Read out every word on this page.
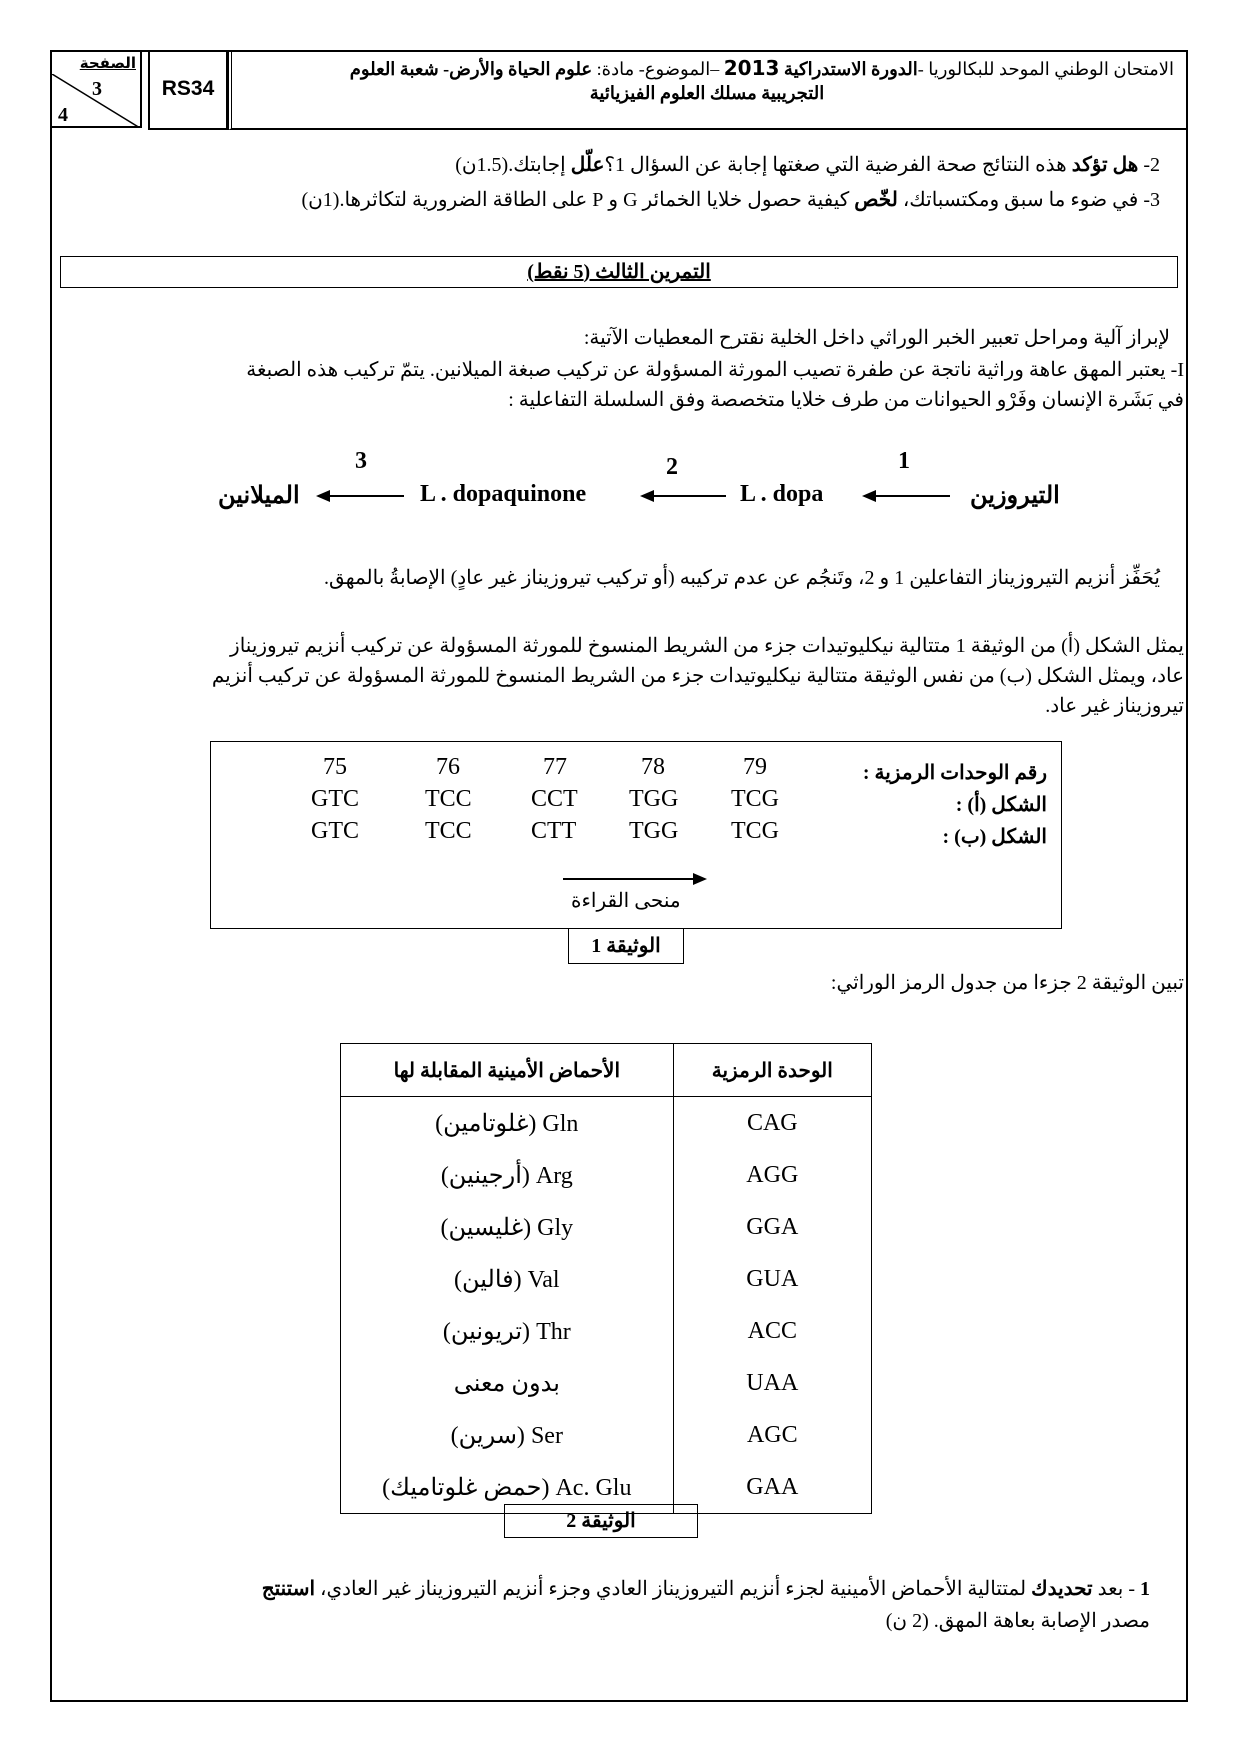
الصفحة
3
4
RS34
الامتحان الوطني الموحد للبكالوريا -الدورة الاستدراكية 2013 –الموضوع- مادة: علوم الحياة والأرض- شعبة العلوم
التجريبية مسلك العلوم الفيزيائية
2- هل تؤكد هذه النتائج صحة الفرضية التي صغتها إجابة عن السؤال 1؟علّل إجابتك.(1.5ن)
3- في ضوء ما سبق ومكتسباتك، لخّص كيفية حصول خلايا الخمائر G و P على الطاقة الضرورية لتكاثرها.(1ن)
التمرين الثالث (5 نقط)
لإبراز آلية ومراحل تعبير الخبر الوراثي داخل الخلية نقترح المعطيات الآتية:
I- يعتبر المهق عاهة وراثية ناتجة عن طفرة تصيب المورثة المسؤولة عن تركيب صبغة الميلانين. يتمّ تركيب هذه الصبغة
في بَشَرة الإنسان وفَرْو الحيوانات من طرف خلايا متخصصة وفق السلسلة التفاعلية :
1
2
3
التيروزين
L . dopa
L . dopaquinone
الميلانين
يُحَفِّز أنزيم التيروزيناز التفاعلين 1 و 2، وتَنجُم عن عدم تركيبه (أو تركيب تيروزيناز غير عادٍ) الإصابةُ بالمهق.
يمثل الشكل (أ) من الوثيقة 1 متتالية نيكليوتيدات جزء من الشريط المنسوخ للمورثة المسؤولة عن تركيب أنزيم تيروزيناز
عاد، ويمثل الشكل (ب) من نفس الوثيقة متتالية نيكليوتيدات جزء من الشريط المنسوخ للمورثة المسؤولة عن تركيب أنزيم
تيروزيناز غير عاد.
رقم الوحدات الرمزية :
الشكل (أ) :
الشكل (ب) :
75	76	77	78	79
GTC	TCC CCT TGG TCG
GTC	TCC CTT TGG TCG
منحى القراءة
الوثيقة 1
تبين الوثيقة 2 جزءا من جدول الرمز الوراثي:
الأحماض الأمينية المقابلة لها	الوحدة الرمزية
Gln (غلوتامين)	CAG
Arg (أرجينين)	AGG
Gly (غليسين)	GGA
Val (فالين)	GUA
Thr (تريونين)	ACC
بدون معنى	UAA
Ser (سرين)	AGC
Ac. Glu (حمض غلوتاميك)	GAA
الوثيقة 2
1 - بعد تحديدك لمتتالية الأحماض الأمينية لجزء أنزيم التيروزيناز العادي وجزء أنزيم التيروزيناز غير العادي، استنتج
مصدر الإصابة بعاهة المهق. (2 ن)
